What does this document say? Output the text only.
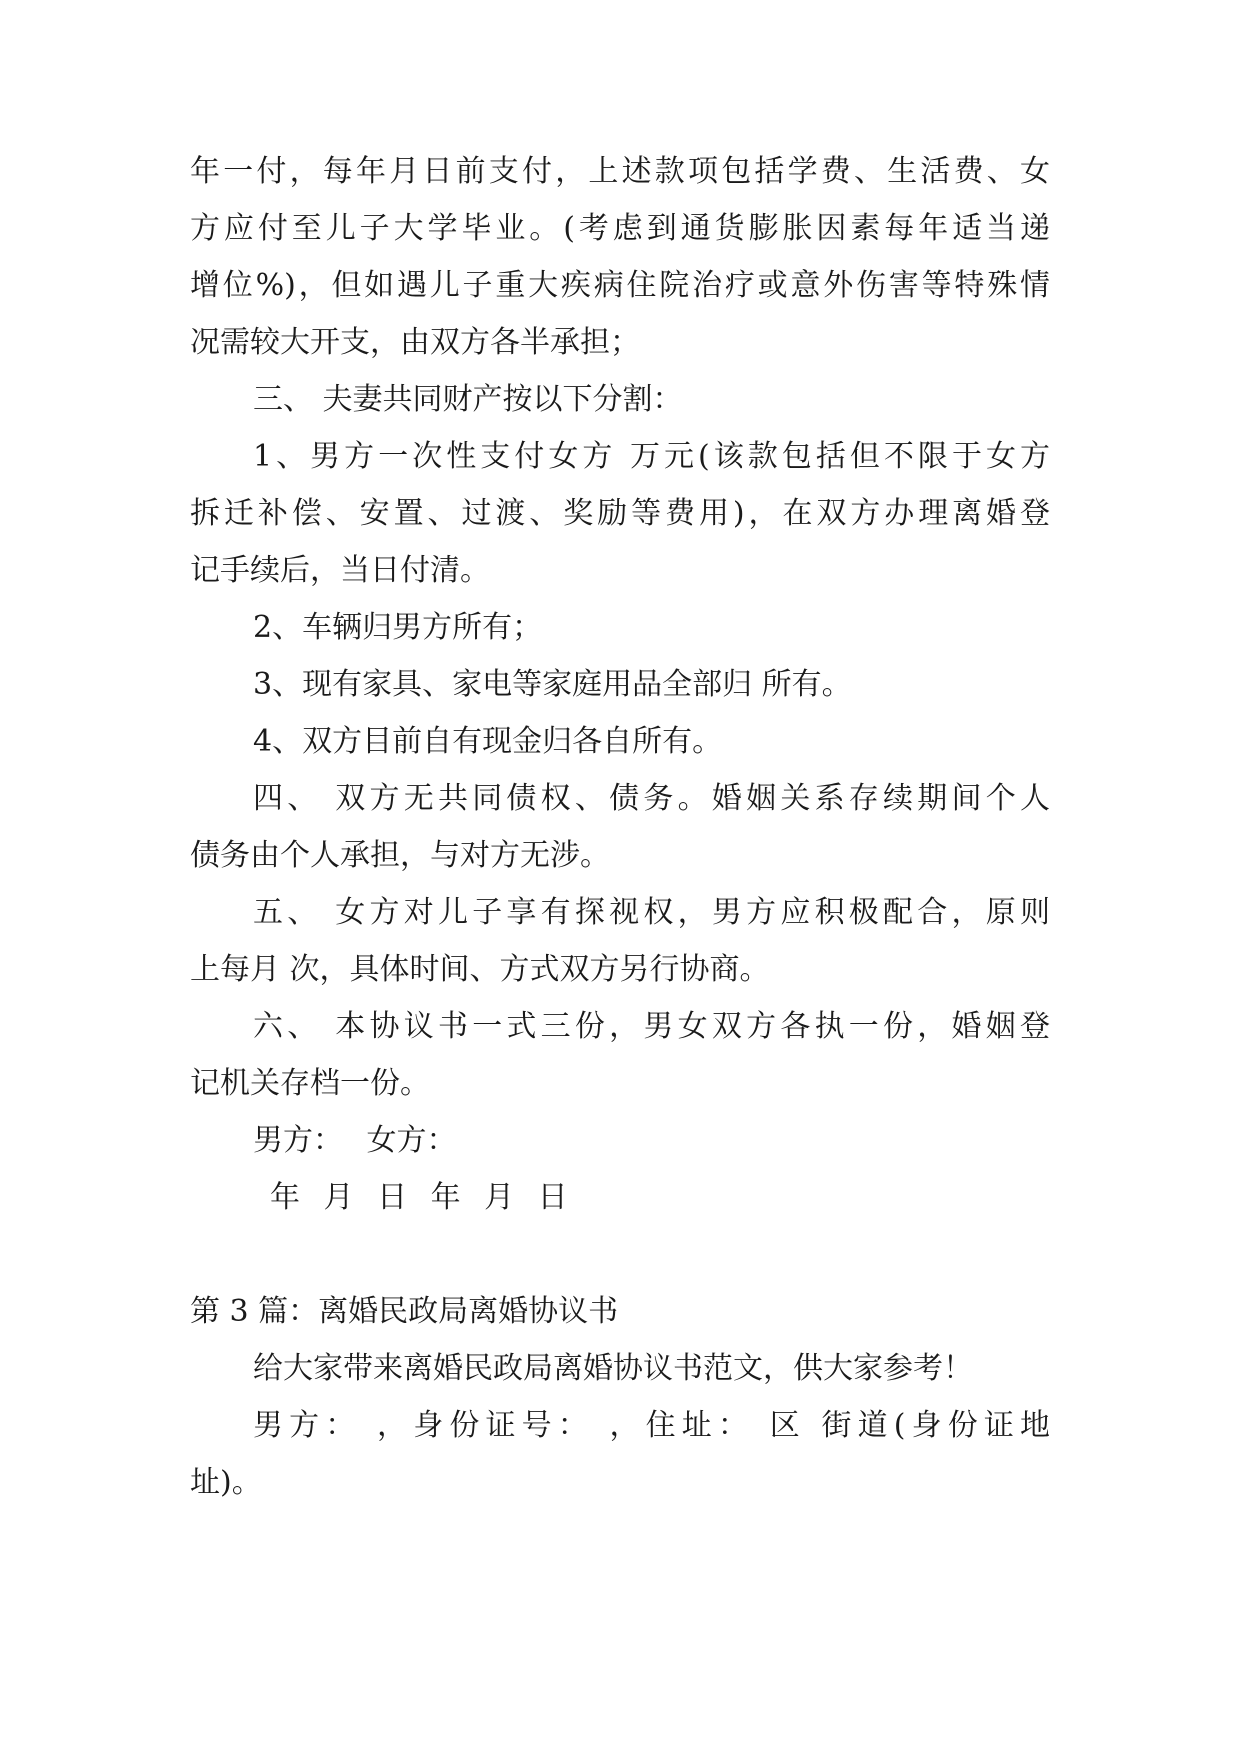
年一付，每年月日前支付，上述款项包括学费、生活费、女
方应付至儿子大学毕业。(考虑到通货膨胀因素每年适当递
增位%)，但如遇儿子重大疾病住院治疗或意外伤害等特殊情
况需较大开支，由双方各半承担；
三、 夫妻共同财产按以下分割：
1、男方一次性支付女方 万元(该款包括但不限于女方
拆迁补偿、安置、过渡、奖励等费用)，在双方办理离婚登
记手续后，当日付清。
2、车辆归男方所有；
3、现有家具、家电等家庭用品全部归 所有。
4、双方目前自有现金归各自所有。
四、 双方无共同债权、债务。婚姻关系存续期间个人
债务由个人承担，与对方无涉。
五、 女方对儿子享有探视权，男方应积极配合，原则
上每月 次，具体时间、方式双方另行协商。
六、 本协议书一式三份，男女双方各执一份，婚姻登
记机关存档一份。
男方： 女方：
年 月 日 年 月 日
第 3 篇：离婚民政局离婚协议书
给大家带来离婚民政局离婚协议书范文，供大家参考！
男方： ，身份证号： ，住址： 区 街道(身份证地
址)。
